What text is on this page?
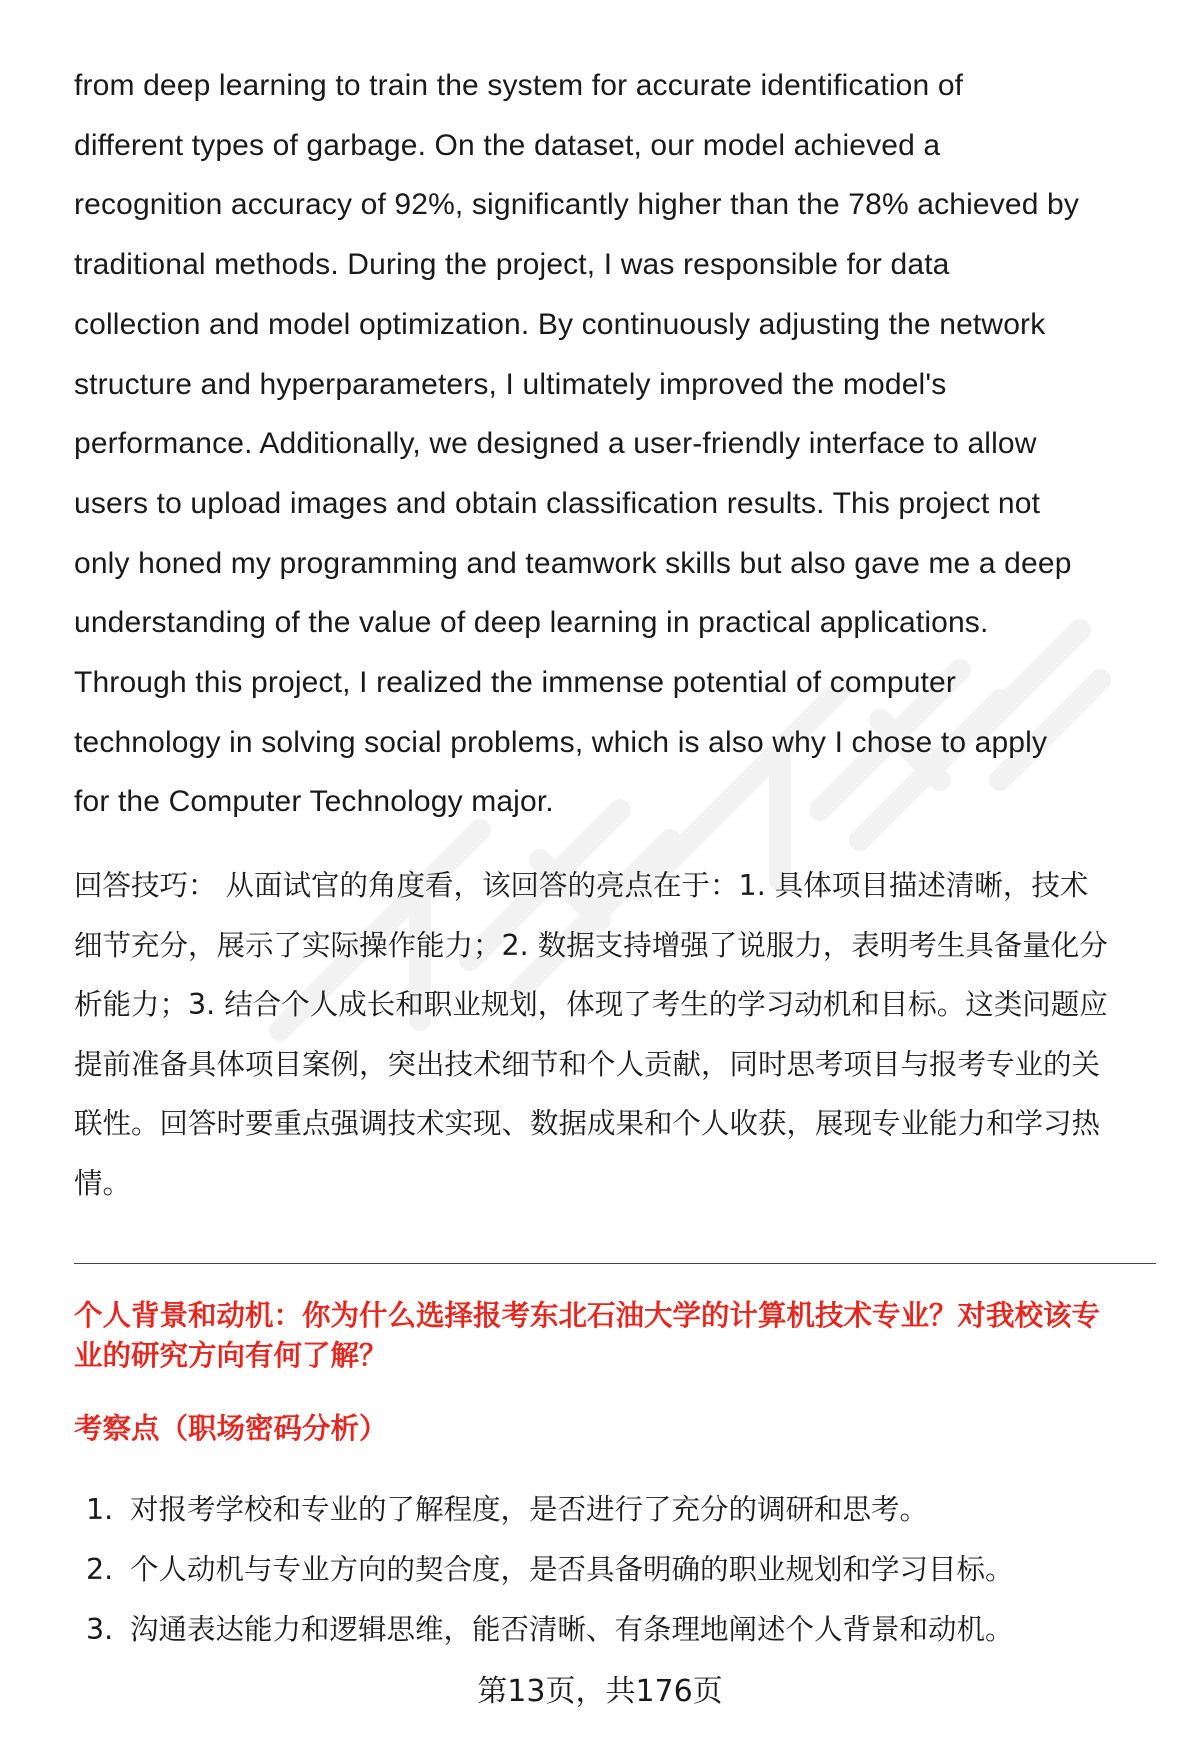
from deep learning to train the system for accurate identification of
different types of garbage. On the dataset, our model achieved a
recognition accuracy of 92%, significantly higher than the 78% achieved by
traditional methods. During the project, I was responsible for data
collection and model optimization. By continuously adjusting the network
structure and hyperparameters, I ultimately improved the model's
performance. Additionally, we designed a user-friendly interface to allow
users to upload images and obtain classification results. This project not
only honed my programming and teamwork skills but also gave me a deep
understanding of the value of deep learning in practical applications.
Through this project, I realized the immense potential of computer
technology in solving social problems, which is also why I chose to apply
for the Computer Technology major.
回答技巧： 从面试官的角度看，该回答的亮点在于：1. 具体项目描述清晰，技术
细节充分，展示了实际操作能力；2. 数据支持增强了说服力，表明考生具备量化分
析能力；3. 结合个人成长和职业规划，体现了考生的学习动机和目标。这类问题应
提前准备具体项目案例，突出技术细节和个人贡献，同时思考项目与报考专业的关
联性。回答时要重点强调技术实现、数据成果和个人收获，展现专业能力和学习热
情。
个人背景和动机：你为什么选择报考东北石油大学的计算机技术专业？对我校该专
业的研究方向有何了解？
考察点（职场密码分析）
1. 对报考学校和专业的了解程度，是否进行了充分的调研和思考。
2. 个人动机与专业方向的契合度，是否具备明确的职业规划和学习目标。
3. 沟通表达能力和逻辑思维，能否清晰、有条理地阐述个人背景和动机。
第13页，共176页
